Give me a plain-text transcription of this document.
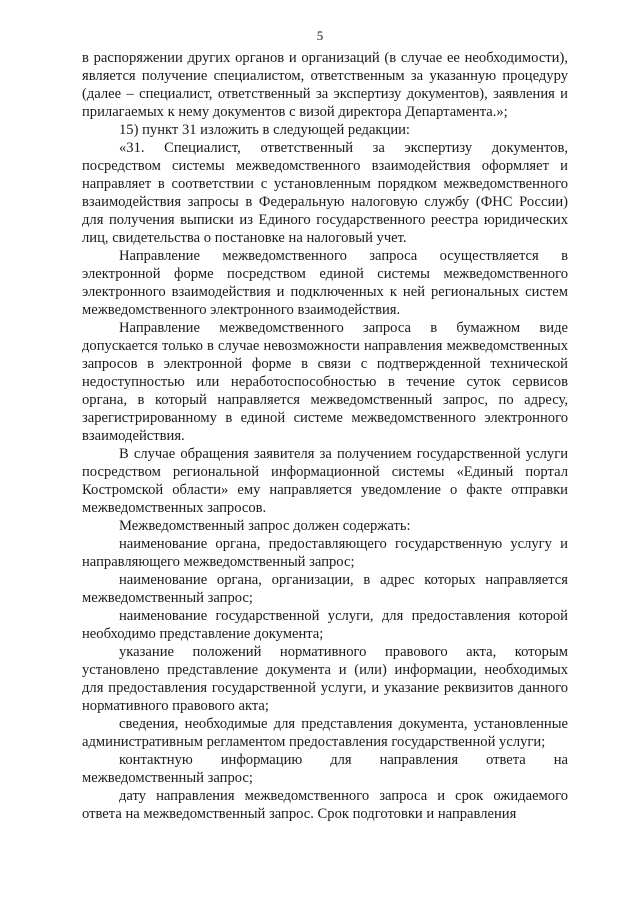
5

в распоряжении других органов и организаций (в случае ее необходимости), является получение специалистом, ответственным за указанную процедуру (далее – специалист, ответственный за экспертизу документов), заявления и прилагаемых к нему документов с визой директора Департамента.»;

15) пункт 31 изложить в следующей редакции:

«31. Специалист, ответственный за экспертизу документов, посредством системы межведомственного взаимодействия оформляет и направляет в соответствии с установленным порядком межведомственного взаимодействия запросы в Федеральную налоговую службу (ФНС России) для получения выписки из Единого государственного реестра юридических лиц, свидетельства о постановке на налоговый учет.

Направление межведомственного запроса осуществляется в электронной форме посредством единой системы межведомственного электронного взаимодействия и подключенных к ней региональных систем межведомственного электронного взаимодействия.

Направление межведомственного запроса в бумажном виде допускается только в случае невозможности направления межведомственных запросов в электронной форме в связи с подтвержденной технической недоступностью или неработоспособностью в течение суток сервисов органа, в который направляется межведомственный запрос, по адресу, зарегистрированному в единой системе межведомственного электронного взаимодействия.

В случае обращения заявителя за получением государственной услуги посредством региональной информационной системы «Единый портал Костромской области» ему направляется уведомление о факте отправки межведомственных запросов.

Межведомственный запрос должен содержать:

наименование органа, предоставляющего государственную услугу и направляющего межведомственный запрос;

наименование органа, организации, в адрес которых направляется межведомственный запрос;

наименование государственной услуги, для предоставления которой необходимо представление документа;

указание положений нормативного правового акта, которым установлено представление документа и (или) информации, необходимых для предоставления государственной услуги, и указание реквизитов данного нормативного правового акта;

сведения, необходимые для представления документа, установленные административным регламентом предоставления государственной услуги;

контактную информацию для направления ответа на межведомственный запрос;

дату направления межведомственного запроса и срок ожидаемого ответа на межведомственный запрос. Срок подготовки и направления
